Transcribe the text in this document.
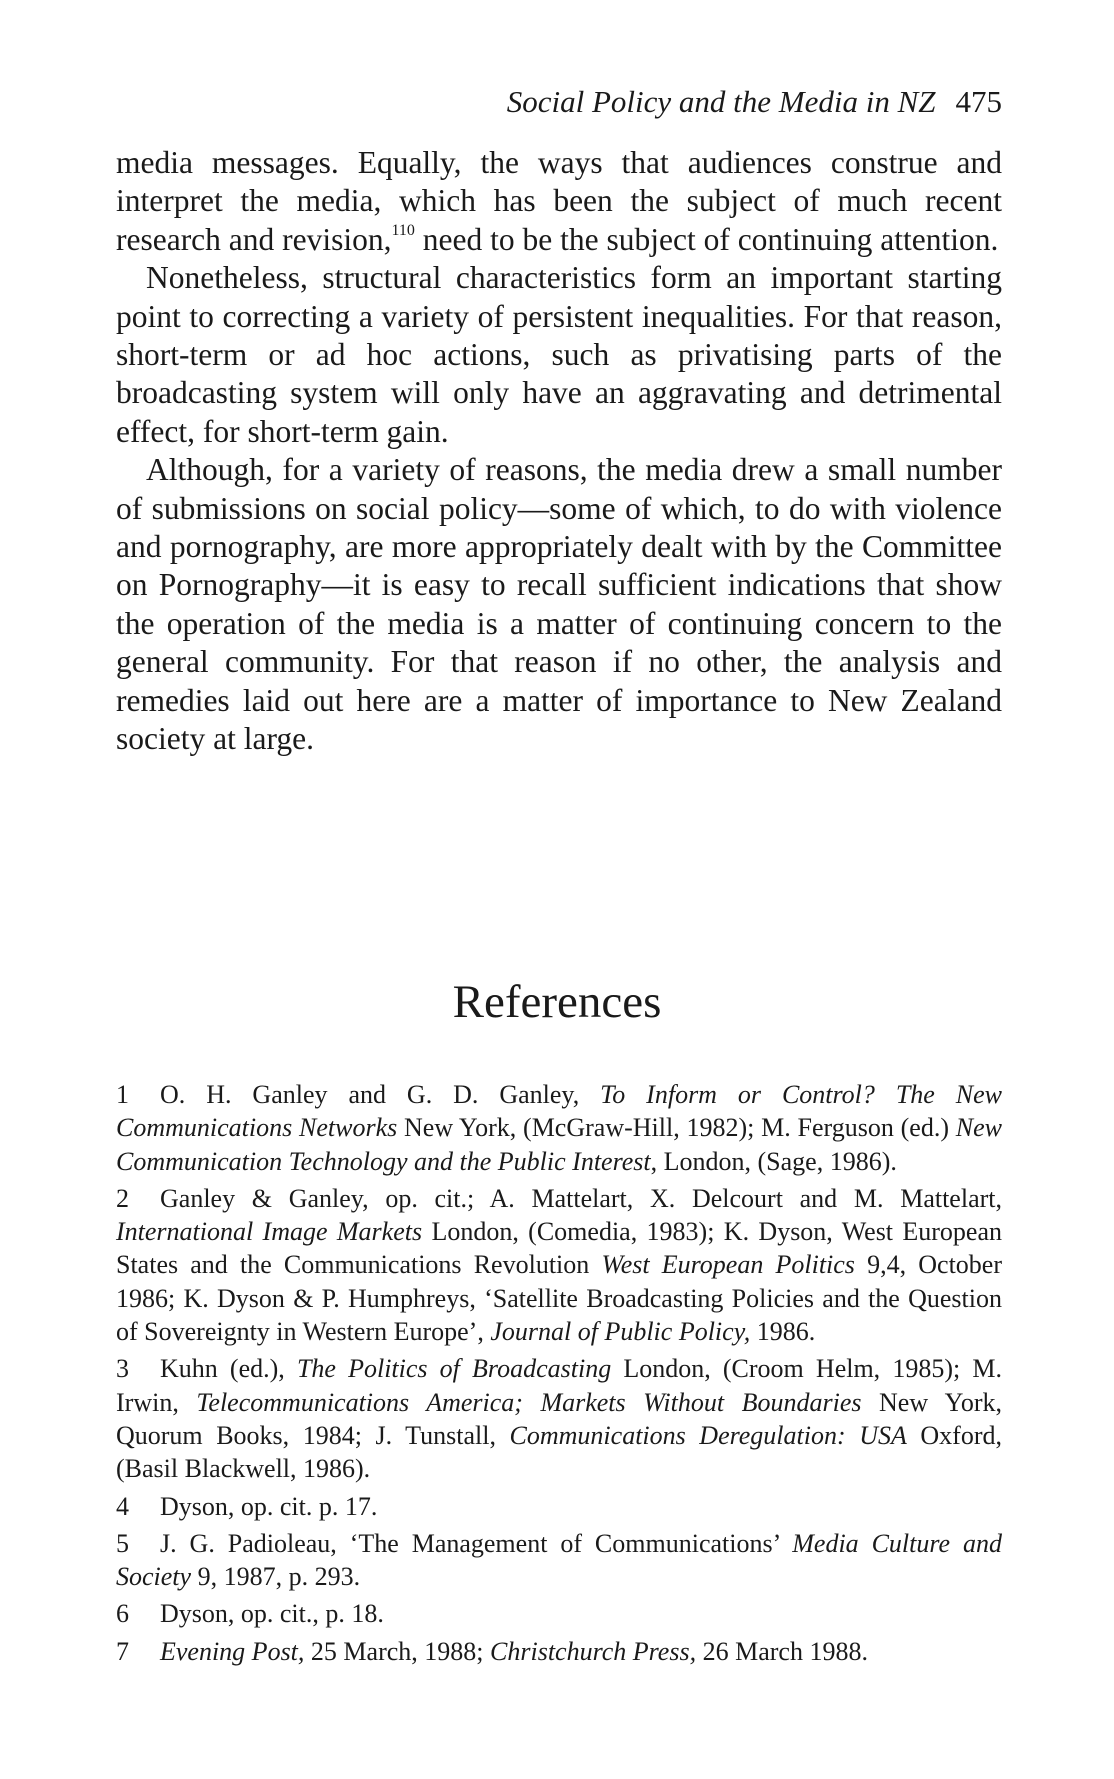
Social Policy and the Media in NZ 475

media messages. Equally, the ways that audiences construe and interpret the media, which has been the subject of much recent research and revision,$^{110}$ need to be the subject of continuing attention.

Nonetheless, structural characteristics form an important starting point to correcting a variety of persistent inequalities. For that reason, short-term or ad hoc actions, such as privatising parts of the broadcasting system will only have an aggravating and detrimental effect, for short-term gain.

Although, for a variety of reasons, the media drew a small number of submissions on social policy—some of which, to do with violence and pornography, are more appropriately dealt with by the Committee on Pornography—it is easy to recall sufficient indications that show the operation of the media is a matter of continuing concern to the general community. For that reason if no other, the analysis and remedies laid out here are a matter of importance to New Zealand society at large.

References
1 O. H. Ganley and G. D. Ganley, To Inform or Control? The New Communications Networks New York, (McGraw-Hill, 1982); M. Ferguson (ed.) New Communication Technology and the Public Interest, London, (Sage, 1986).
2 Ganley & Ganley, op. cit.; A. Mattelart, X. Delcourt and M. Mattelart, International Image Markets London, (Comedia, 1983); K. Dyson, West European States and the Communications Revolution West European Politics 9,4, October 1986; K. Dyson & P. Humphreys, ‘Satellite Broadcasting Policies and the Question of Sovereignty in Western Europe’, Journal of Public Policy, 1986.
3 Kuhn (ed.), The Politics of Broadcasting London, (Croom Helm, 1985); M. Irwin, Telecommunications America; Markets Without Boundaries New York, Quorum Books, 1984; J. Tunstall, Communications Deregulation: USA Oxford, (Basil Blackwell, 1986).
4 Dyson, op. cit. p. 17.
5 J. G. Padioleau, ‘The Management of Communications’ Media Culture and Society 9, 1987, p. 293.
6 Dyson, op. cit., p. 18.
7 Evening Post, 25 March, 1988; Christchurch Press, 26 March 1988.
